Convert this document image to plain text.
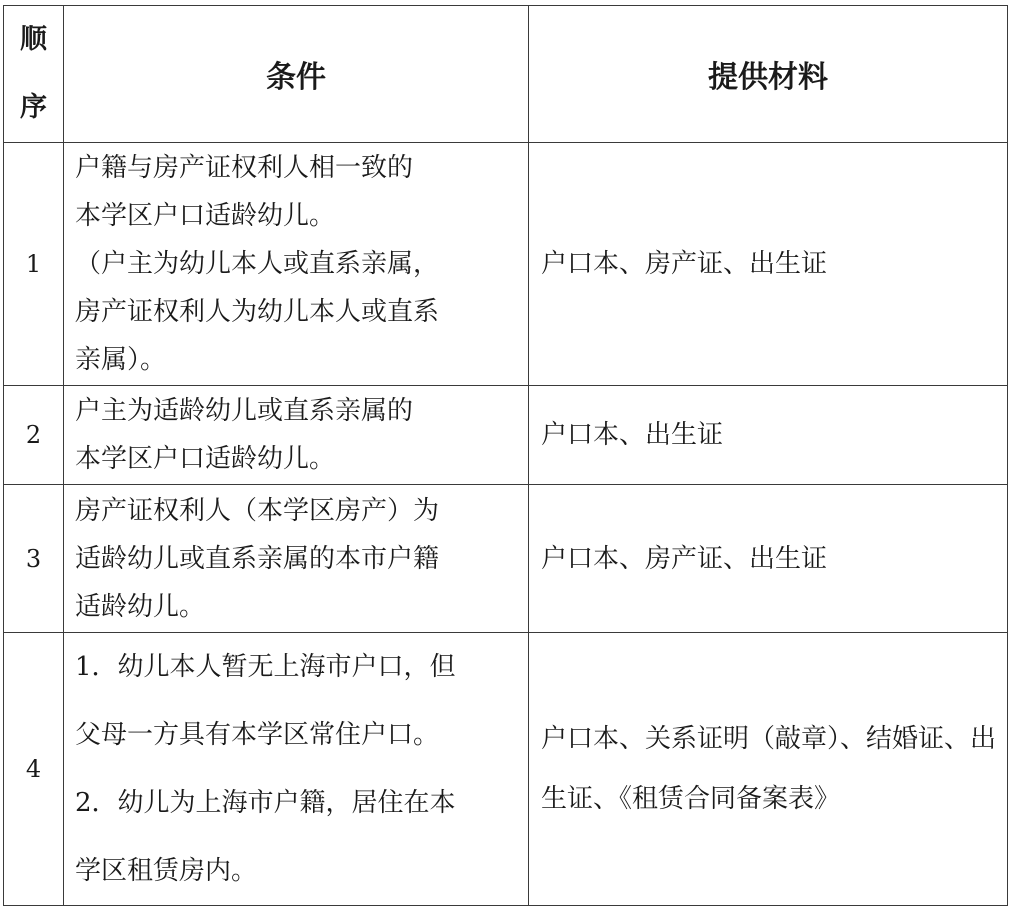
顺
序	条件	提供材料
1	户籍与房产证权利人相一致的
本学区户口适龄幼儿。
（户主为幼儿本人或直系亲属，
房产证权利人为幼儿本人或直系
亲属）。	户口本、房产证、出生证
2	户主为适龄幼儿或直系亲属的
本学区户口适龄幼儿。	户口本、出生证
3	房产证权利人（本学区房产）为
适龄幼儿或直系亲属的本市户籍
适龄幼儿。	户口本、房产证、出生证
4	1．幼儿本人暂无上海市户口，但
父母一方具有本学区常住户口。
2．幼儿为上海市户籍，居住在本
学区租赁房内。	户口本、关系证明（敲章）、结婚证、出生证、《租赁合同备案表》
